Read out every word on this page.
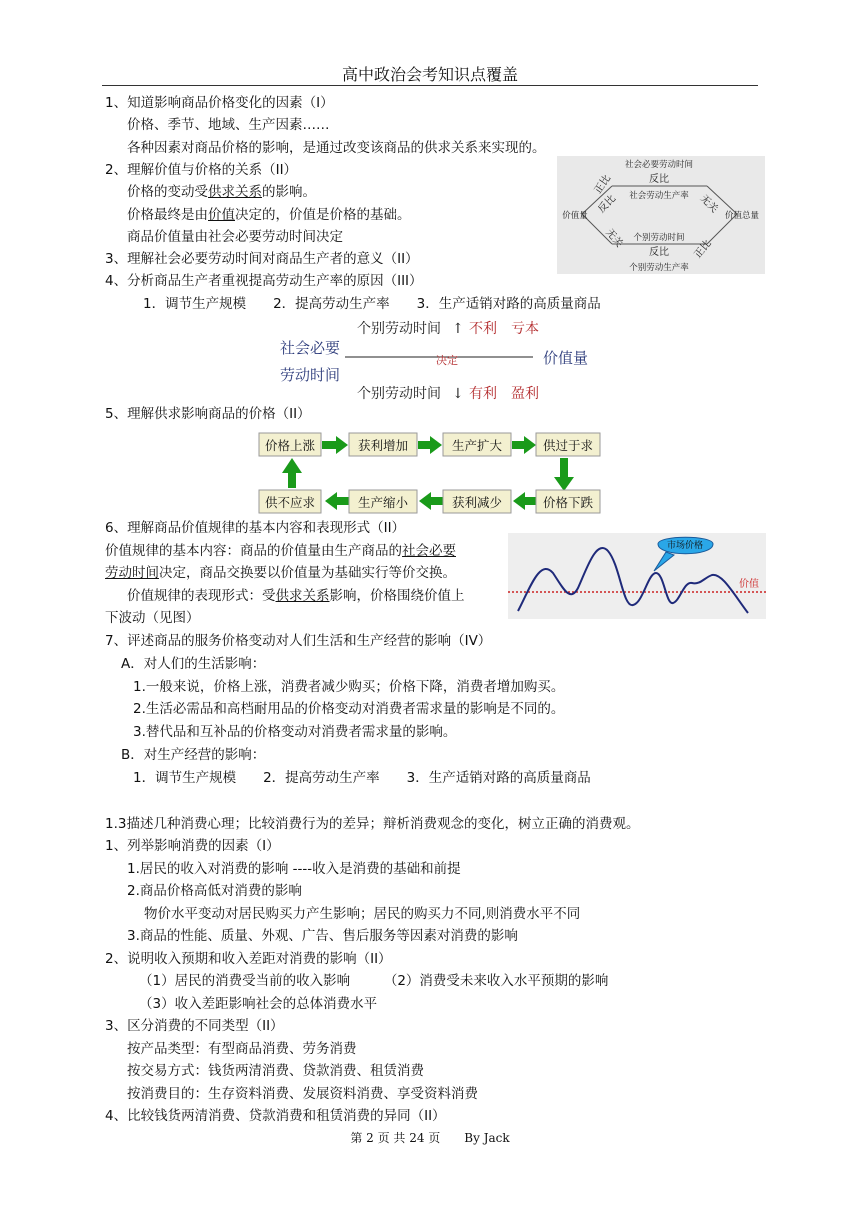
高中政治会考知识点覆盖
1、知道影响商品价格变化的因素（I）
价格、季节、地域、生产因素……
各种因素对商品价格的影响，是通过改变该商品的供求关系来实现的。
2、理解价值与价格的关系（II）
价格的变动受供求关系的影响。
价格最终是由价值决定的，价值是价格的基础。
商品价值量由社会必要劳动时间决定
3、理解社会必要劳动时间对商品生产者的意义（II）
4、分析商品生产者重视提高劳动生产率的原因（III）
1．调节生产规模　　2．提高劳动生产率　　3．生产适销对路的高质量商品
社会必要劳动时间
反比
社会劳动生产率
正比
反比	无关
价值量	价值总量
无关 个别劳动时间
反比
个别劳动生产率
正比
社会必要
劳动时间
决定	价值量
个别劳动时间 ↑ 不利　亏本
个别劳动时间 ↓ 有利　盈利
5、理解供求影响商品的价格（II）
价格上涨	获利增加	生产扩大	供过于求
价格下跌
获利减少
生产缩小
供不应求
6、理解商品价值规律的基本内容和表现形式（II）
价值规律的基本内容：商品的价值量由生产商品的社会必要
劳动时间决定，商品交换要以价值量为基础实行等价交换。
价值规律的表现形式：受供求关系影响，价格围绕价值上
下波动（见图）
价值
市场价格
7、评述商品的服务价格变动对人们生活和生产经营的影响（IV）
A．对人们的生活影响：
1.一般来说，价格上涨，消费者减少购买；价格下降，消费者增加购买。
2.生活必需品和高档耐用品的价格变动对消费者需求量的影响是不同的。
3.替代品和互补品的价格变动对消费者需求量的影响。
B．对生产经营的影响：
1．调节生产规模　　2．提高劳动生产率　　3．生产适销对路的高质量商品
1.3描述几种消费心理；比较消费行为的差异；辩析消费观念的变化，树立正确的消费观。
1、列举影响消费的因素（I）
1.居民的收入对消费的影响 ----收入是消费的基础和前提
2.商品价格高低对消费的影响
物价水平变动对居民购买力产生影响；居民的购买力不同,则消费水平不同
3.商品的性能、质量、外观、广告、售后服务等因素对消费的影响
2、说明收入预期和收入差距对消费的影响（II）
（1）居民的消费受当前的收入影响　　　（2）消费受未来收入水平预期的影响
（3）收入差距影响社会的总体消费水平
3、区分消费的不同类型（II）
按产品类型：有型商品消费、劳务消费
按交易方式：钱货两清消费、贷款消费、租赁消费
按消费目的：生存资料消费、发展资料消费、享受资料消费
4、比较钱货两清消费、贷款消费和租赁消费的异同（II）
第 2 页 共 24 页　　By Jack
